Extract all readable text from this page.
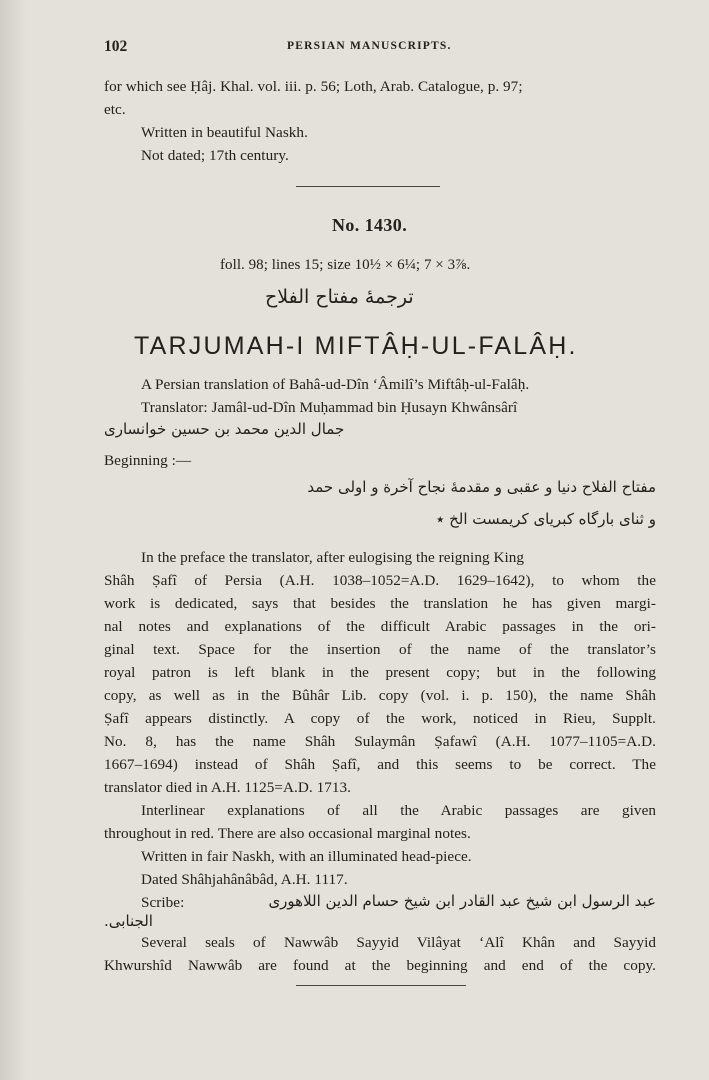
102	PERSIAN MANUSCRIPTS.
for which see Ḥâj. Khal. vol. iii. p. 56; Loth, Arab. Catalogue, p. 97;
etc.
Written in beautiful Naskh.
Not dated; 17th century.
No. 1430.
foll. 98; lines 15; size 10½ × 6¼; 7 × 3⅞.
ترجمهٔ مفتاح الفلاح
TARJUMAH-I MIFTÂḤ-UL-FALÂḤ.
A Persian translation of Bahâ-ud-Dîn ‘Âmilî’s Miftâḥ-ul-Falâḥ.
Translator: Jamâl-ud-Dîn Muḥammad bin Ḥusayn Khwânsârî
جمال الدين محمد بن حسين خوانساری
Beginning :—
مفتاح الفلاح دنیا و عقبی و مقدمهٔ نجاح آخرة و اولی حمد
و ثنای بارگاه کبریای کریمست الخ ٭
In the preface the translator, after eulogising the reigning King
Shâh Ṣafî of Persia (A.H. 1038–1052=A.D. 1629–1642), to whom the
work is dedicated, says that besides the translation he has given margi-
nal notes and explanations of the difficult Arabic passages in the ori-
ginal text. Space for the insertion of the name of the translator’s
royal patron is left blank in the present copy; but in the following
copy, as well as in the Bûhâr Lib. copy (vol. i. p. 150), the name Shâh
Ṣafî appears distinctly. A copy of the work, noticed in Rieu, Supplt.
No. 8, has the name Shâh Sulaymân Ṣafawî (A.H. 1077–1105=A.D.
1667–1694) instead of Shâh Ṣafî, and this seems to be correct. The
translator died in A.H. 1125=A.D. 1713.
Interlinear explanations of all the Arabic passages are given
throughout in red. There are also occasional marginal notes.
Written in fair Naskh, with an illuminated head-piece.
Dated Shâhjahânâbâd, A.H. 1117.
Scribe:	عبد الرسول ابن شیخ عبد القادر ابن شیخ حسام الدین اللاهوری
الجنابی.
Several seals of Nawwâb Sayyid Vilâyat ‘Alî Khân and Sayyid
Khwurshîd Nawwâb are found at the beginning and end of the copy.
